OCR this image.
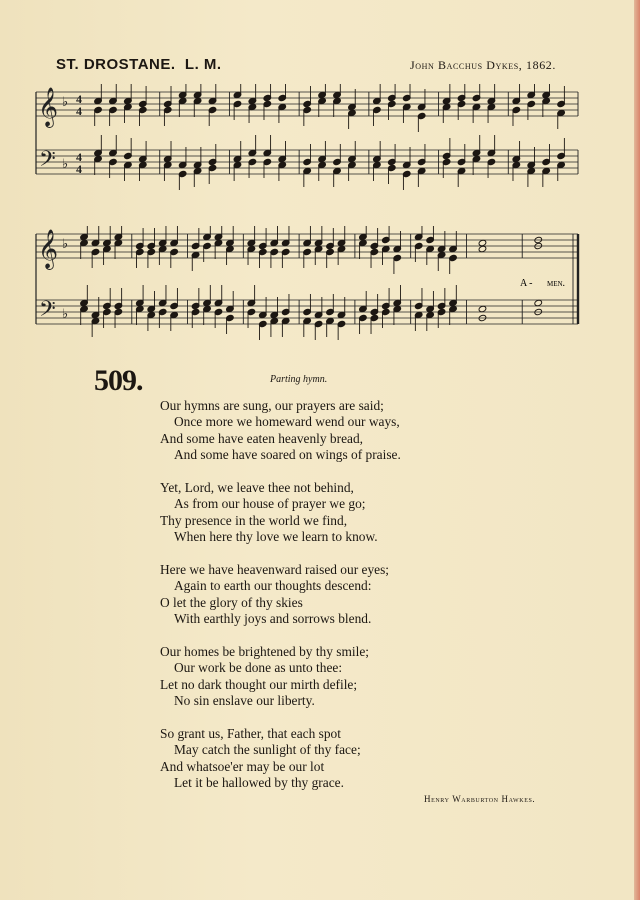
ST. DROSTANE. L. M.	John Bacchus Dykes, 1862.
𝄞
𝄢
♭
♭
4
4
4
4
A - men.
𝄞
𝄢
♭
♭
509.	Parting hymn.
Our hymns are sung, our prayers are said;
Once more we homeward wend our ways,
And some have eaten heavenly bread,
And some have soared on wings of praise.
Yet, Lord, we leave thee not behind,
As from our house of prayer we go;
Thy presence in the world we find,
When here thy love we learn to know.
Here we have heavenward raised our eyes;
Again to earth our thoughts descend:
O let the glory of thy skies
With earthly joys and sorrows blend.
Our homes be brightened by thy smile;
Our work be done as unto thee:
Let no dark thought our mirth defile;
No sin enslave our liberty.
So grant us, Father, that each spot
May catch the sunlight of thy face;
And whatsoe'er may be our lot
Let it be hallowed by thy grace.
Henry Warburton Hawkes.
